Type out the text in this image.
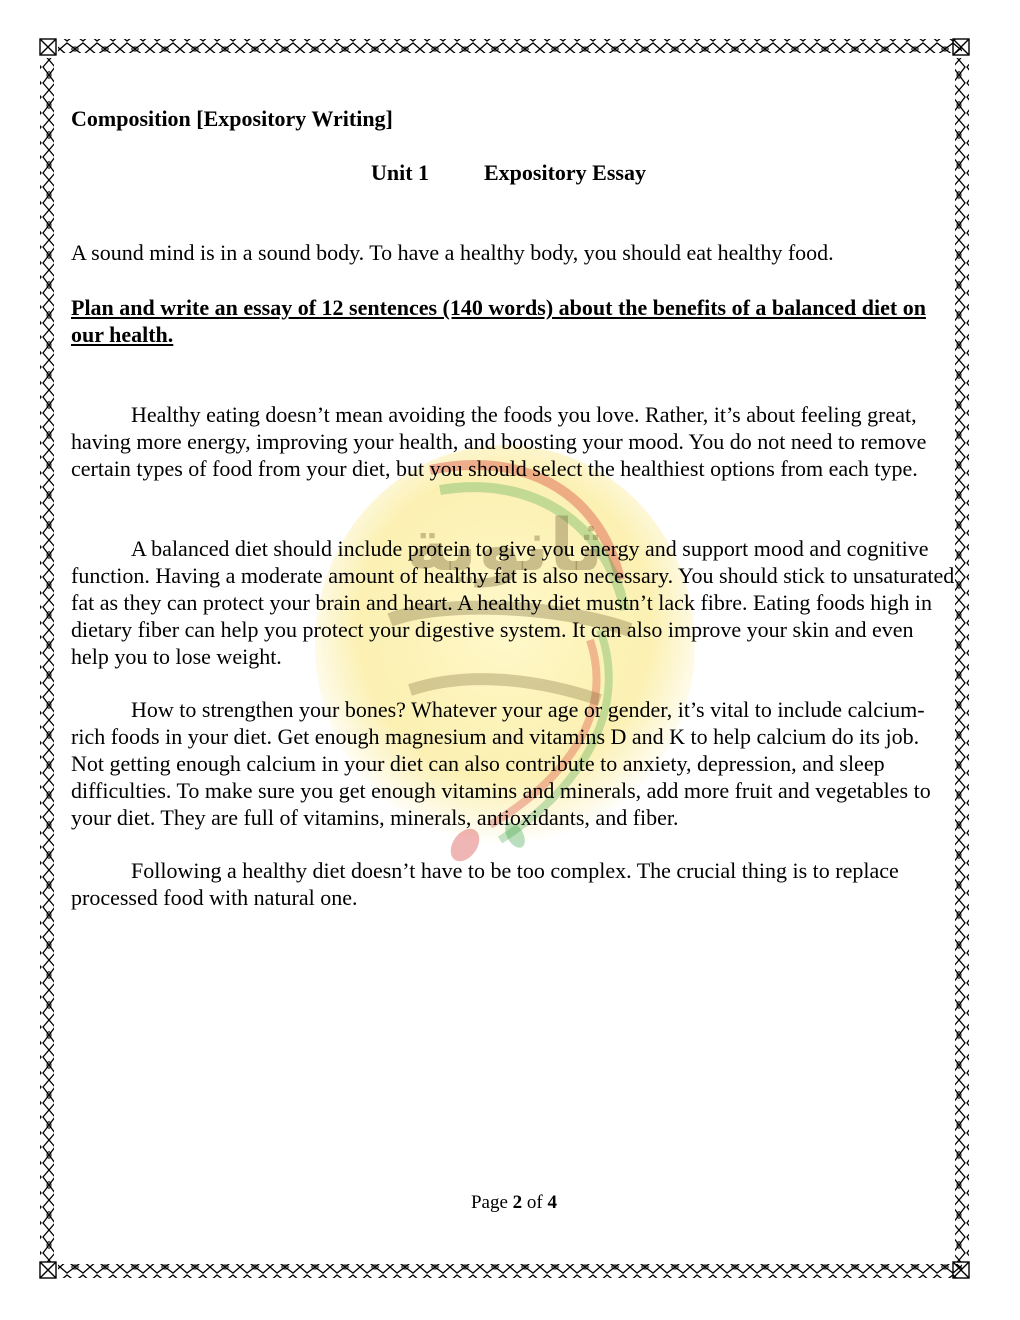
ثانوية
Composition [Expository Writing]
Unit 1 Expository Essay

A sound mind is in a sound body. To have a healthy body, you should eat healthy food.

Plan and write an essay of 12 sentences (140 words) about the benefits of a balanced diet on our health.

Healthy eating doesn’t mean avoiding the foods you love. Rather, it’s about feeling great, having more energy, improving your health, and boosting your mood. You do not need to remove certain types of food from your diet, but you should select the healthiest options from each type.

A balanced diet should include protein to give you energy and support mood and cognitive function. Having a moderate amount of healthy fat is also necessary. You should stick to unsaturated fat as they can protect your brain and heart. A healthy diet mustn’t lack fibre. Eating foods high in dietary fiber can help you protect your digestive system. It can also improve your skin and even help you to lose weight.

How to strengthen your bones? Whatever your age or gender, it’s vital to include calcium-rich foods in your diet. Get enough magnesium and vitamins D and K to help calcium do its job. Not getting enough calcium in your diet can also contribute to anxiety, depression, and sleep difficulties. To make sure you get enough vitamins and minerals, add more fruit and vegetables to your diet. They are full of vitamins, minerals, antioxidants, and fiber.

Following a healthy diet doesn’t have to be too complex. The crucial thing is to replace processed food with natural one.

Page 2 of 4
